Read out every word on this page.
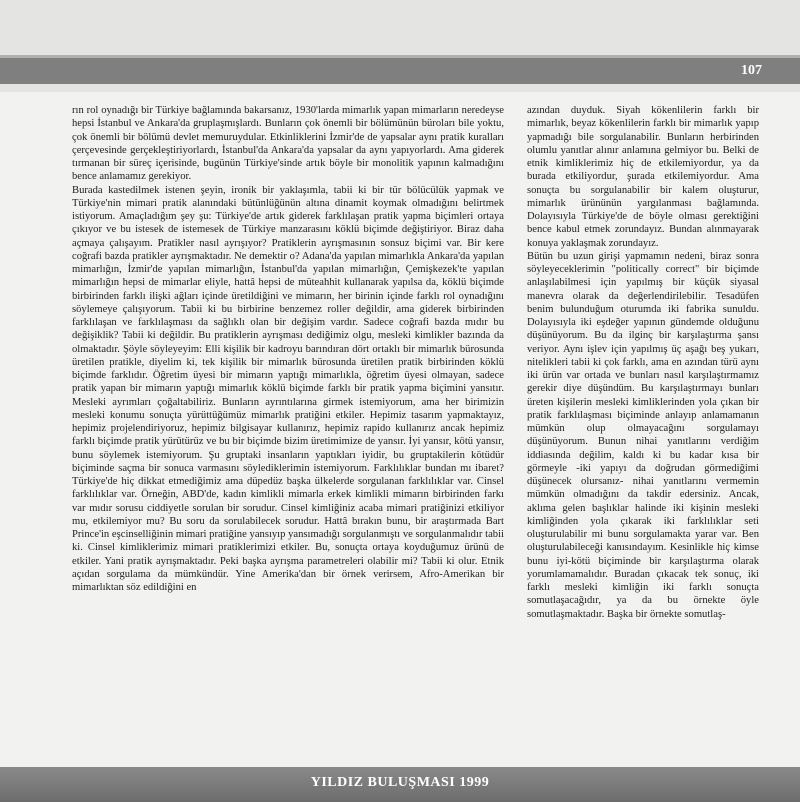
107

rın rol oynadığı bir Türkiye bağlamında bakarsanız, 1930'larda mimarlık yapan mimarların neredeyse hepsi İstanbul ve Ankara'da gruplaşmışlardı. Bunların çok önemli bir bölümünün büroları bile yoktu, çok önemli bir bölümü devlet memuruydular. Etkinliklerini İzmir'de de yapsalar aynı pratik kuralları çerçevesinde gerçekleştiriyorlardı, İstanbul'da Ankara'da yapsalar da aynı yapıyorlardı. Ama giderek tırmanan bir süreç içerisinde, bugünün Türkiye'sinde artık böyle bir monolitik yapının kalmadığını bence anlamamız gerekiyor.

Burada kastedilmek istenen şeyin, ironik bir yaklaşımla, tabii ki bir tür bölücülük yapmak ve Türkiye'nin mimari pratik alanındaki bütünlüğünün altına dinamit koymak olmadığını belirtmek istiyorum. Amaçladığım şey şu: Türkiye'de artık giderek farklılaşan pratik yapma biçimleri ortaya çıkıyor ve bu istesek de istemesek de Türkiye manzarasını köklü biçimde değiştiriyor. Biraz daha açmaya çalışayım. Pratikler nasıl ayrışıyor? Pratiklerin ayrışmasının sonsuz biçimi var. Bir kere coğrafi bazda pratikler ayrışmaktadır. Ne demektir o? Adana'da yapılan mimarlıkla Ankara'da yapılan mimarlığın, İzmir'de yapılan mimarlığın, İstanbul'da yapılan mimarlığın, Çemişkezek'te yapılan mimarlığın hepsi de mimarlar eliyle, hattâ hepsi de müteahhit kullanarak yapılsa da, köklü biçimde birbirinden farklı ilişki ağları içinde üretildiğini ve mimarın, her birinin içinde farklı rol oynadığını söylemeye çalışıyorum. Tabii ki bu birbirine benzemez roller değildir, ama giderek birbirinden farklılaşan ve farklılaşması da sağlıklı olan bir değişim vardır. Sadece coğrafi bazda mıdır bu değişiklik? Tabii ki değildir. Bu pratiklerin ayrışması dediğimiz olgu, mesleki kimlikler bazında da olmaktadır. Şöyle söyleyeyim: Elli kişilik bir kadroyu barındıran dört ortaklı bir mimarlık bürosunda üretilen pratikle, diyelim ki, tek kişilik bir mimarlık bürosunda üretilen pratik birbirinden köklü biçimde farklıdır. Öğretim üyesi bir mimarın yaptığı mimarlıkla, öğretim üyesi olmayan, sadece pratik yapan bir mimarın yaptığı mimarlık köklü biçimde farklı bir pratik yapma biçimini yansıtır. Mesleki ayrımları çoğaltabiliriz. Bunların ayrıntılarına girmek istemiyorum, ama her birimizin mesleki konumu sonuçta yürüttüğümüz mimarlık pratiğini etkiler. Hepimiz tasarım yapmaktayız, hepimiz projelendiriyoruz, hepimiz bilgisayar kullanırız, hepimiz rapido kullanırız ancak hepimiz farklı biçimde pratik yürütürüz ve bu bir biçimde bizim üretimimize de yansır. İyi yansır, kötü yansır, bunu söylemek istemiyorum. Şu gruptaki insanların yaptıkları iyidir, bu gruptakilerin kötüdür biçiminde saçma bir sonuca varmasını söylediklerimin istemiyorum. Farklılıklar bundan mı ibaret? Türkiye'de hiç dikkat etmediğimiz ama düpedüz başka ülkelerde sorgulanan farklılıklar var. Cinsel farklılıklar var. Örneğin, ABD'de, kadın kimlikli mimarla erkek kimlikli mimarın birbirinden farkı var mıdır sorusu ciddiyetle sorulan bir sorudur. Cinsel kimliğiniz acaba mimari pratiğinizi etkiliyor mu, etkilemiyor mu? Bu soru da sorulabilecek sorudur. Hattâ bırakın bunu, bir araştırmada Bart Prince'in eşcinselliğinin mimari pratiğine yansıyıp yansımadığı sorgulanmıştı ve sorgulanmalıdır tabii ki. Cinsel kimliklerimiz mimari pratiklerimizi etkiler. Bu, sonuçta ortaya koyduğumuz ürünü de etkiler. Yani pratik ayrışmaktadır. Peki başka ayrışma parametreleri olabilir mi? Tabii ki olur. Etnik açıdan sorgulama da mümkündür. Yine Amerika'dan bir örnek verirsem, Afro-Amerikan bir mimarlıktan söz edildiğini en

azından duyduk. Siyah kökenlilerin farklı bir mimarlık, beyaz kökenlilerin farklı bir mimarlık yapıp yapmadığı bile sorgulanabilir. Bunların herbirinden olumlu yanıtlar alınır anlamına gelmiyor bu. Belki de etnik kimliklerimiz hiç de etkilemiyordur, ya da burada etkiliyordur, şurada etkilemiyordur. Ama sonuçta bu sorgulanabilir bir kalem oluşturur, mimarlık ürününün yargılanması bağlamında. Dolayısıyla Türkiye'de de böyle olması gerektiğini bence kabul etmek zorundayız. Bundan alınmayarak konuya yaklaşmak zorundayız.

Bütün bu uzun girişi yapmamın nedeni, biraz sonra söyleyeceklerimin "politically correct" bir biçimde anlaşılabilmesi için yapılmış bir küçük siyasal manevra olarak da değerlendirilebilir. Tesadüfen benim bulunduğum oturumda iki fabrika sunuldu. Dolayısıyla iki eşdeğer yapının gündemde olduğunu düşünüyorum. Bu da ilginç bir karşılaştırma şansı veriyor. Aynı işlev için yapılmış üç aşağı beş yukarı, nitelikleri tabii ki çok farklı, ama en azından türü aynı iki ürün var ortada ve bunları nasıl karşılaştırmamız gerekir diye düşündüm. Bu karşılaştırmayı bunları üreten kişilerin mesleki kimliklerinden yola çıkan bir pratik farklılaşması biçiminde anlayıp anlamamanın mümkün olup olmayacağını sorgulamayı düşünüyorum. Bunun nihai yanıtlarını verdiğim iddiasında değilim, kaldı ki bu kadar kısa bir görmeyle -iki yapıyı da doğrudan görmediğimi düşünecek olursanız- nihai yanıtlarını vermemin mümkün olmadığını da takdir edersiniz. Ancak, aklıma gelen başlıklar halinde iki kişinin mesleki kimliğinden yola çıkarak iki farklılıklar seti oluşturulabilir mi bunu sorgulamakta yarar var. Ben oluşturulabileceği kanısındayım. Kesinlikle hiç kimse bunu iyi-kötü biçiminde bir karşılaştırma olarak yorumlamamalıdır. Buradan çıkacak tek sonuç, iki farklı mesleki kimliğin iki farklı sonuçta somutlaşacağıdır, ya da bu örnekte öyle somutlaşmaktadır. Başka bir örnekte somutlaş-

YILDIZ BULUŞMASI 1999
